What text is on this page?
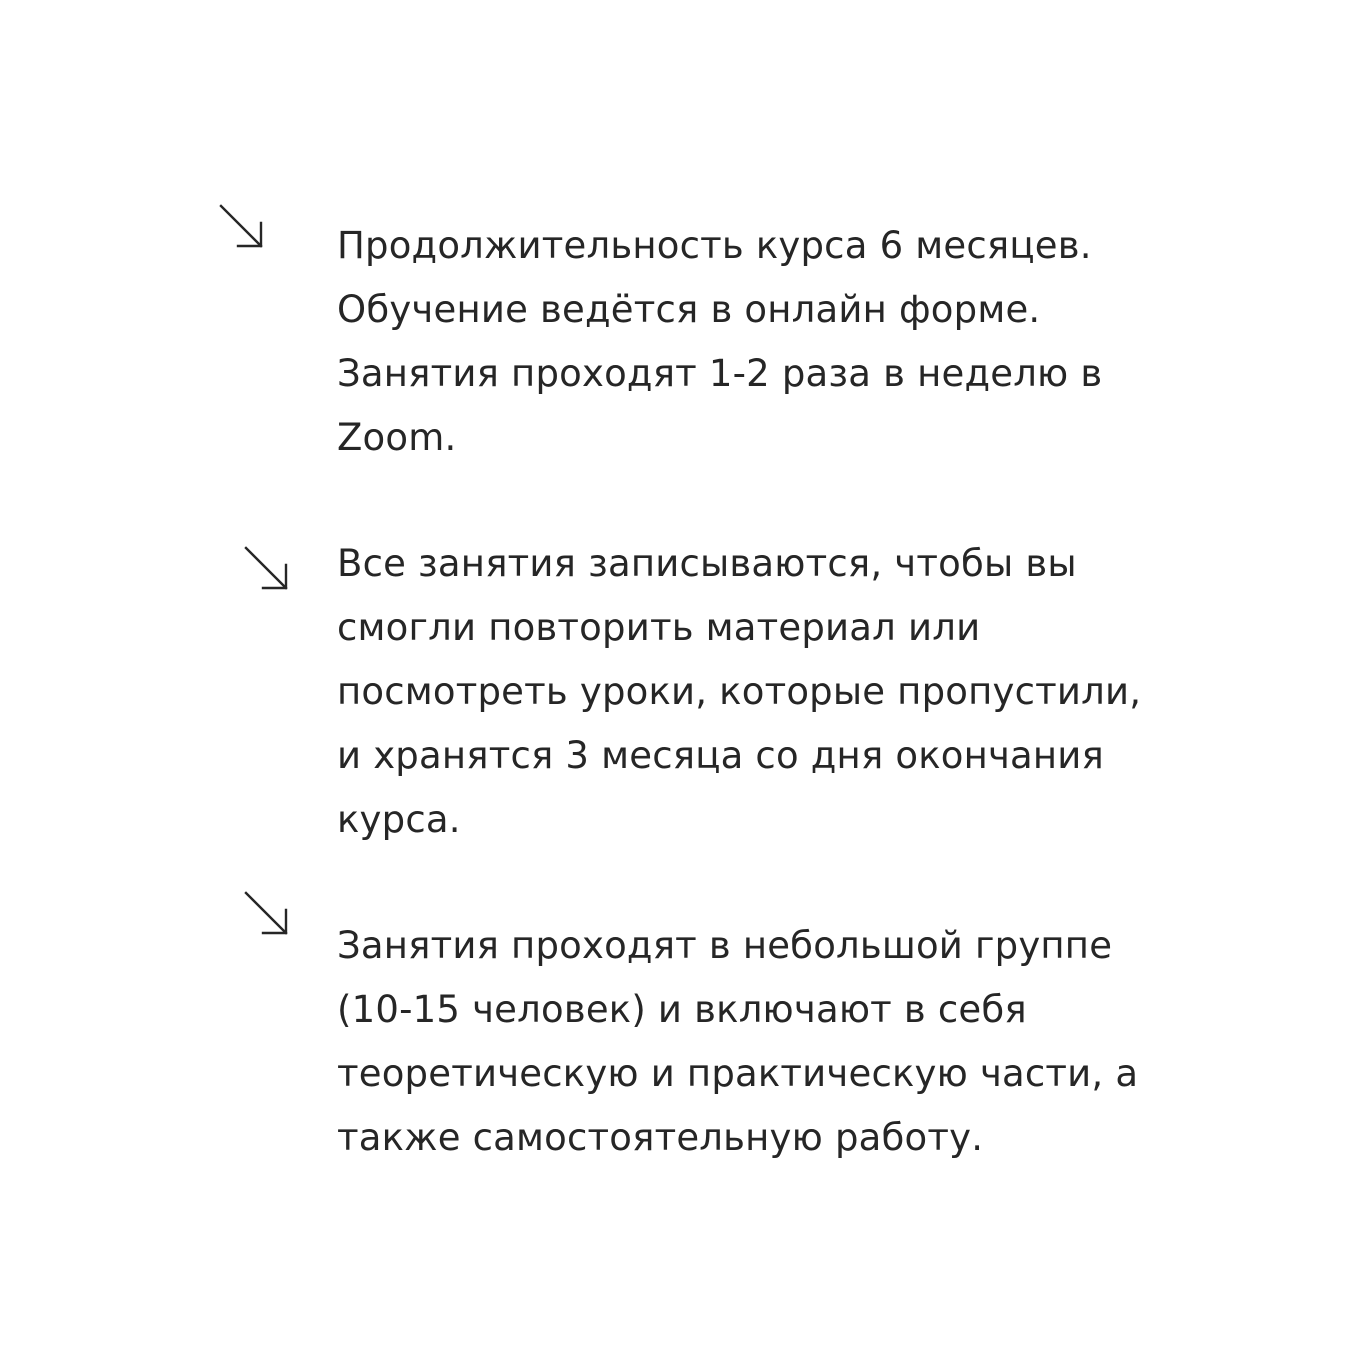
Продолжительность курса 6 месяцев.
Обучение ведётся в онлайн форме.
Занятия проходят 1-2 раза в неделю в
Zoom.

Все занятия записываются, чтобы вы
смогли повторить материал или
посмотреть уроки, которые пропустили,
и хранятся 3 месяца со дня окончания
курса.

Занятия проходят в небольшой группе
(10-15 человек) и включают в себя
теоретическую и практическую части, а
также самостоятельную работу.
